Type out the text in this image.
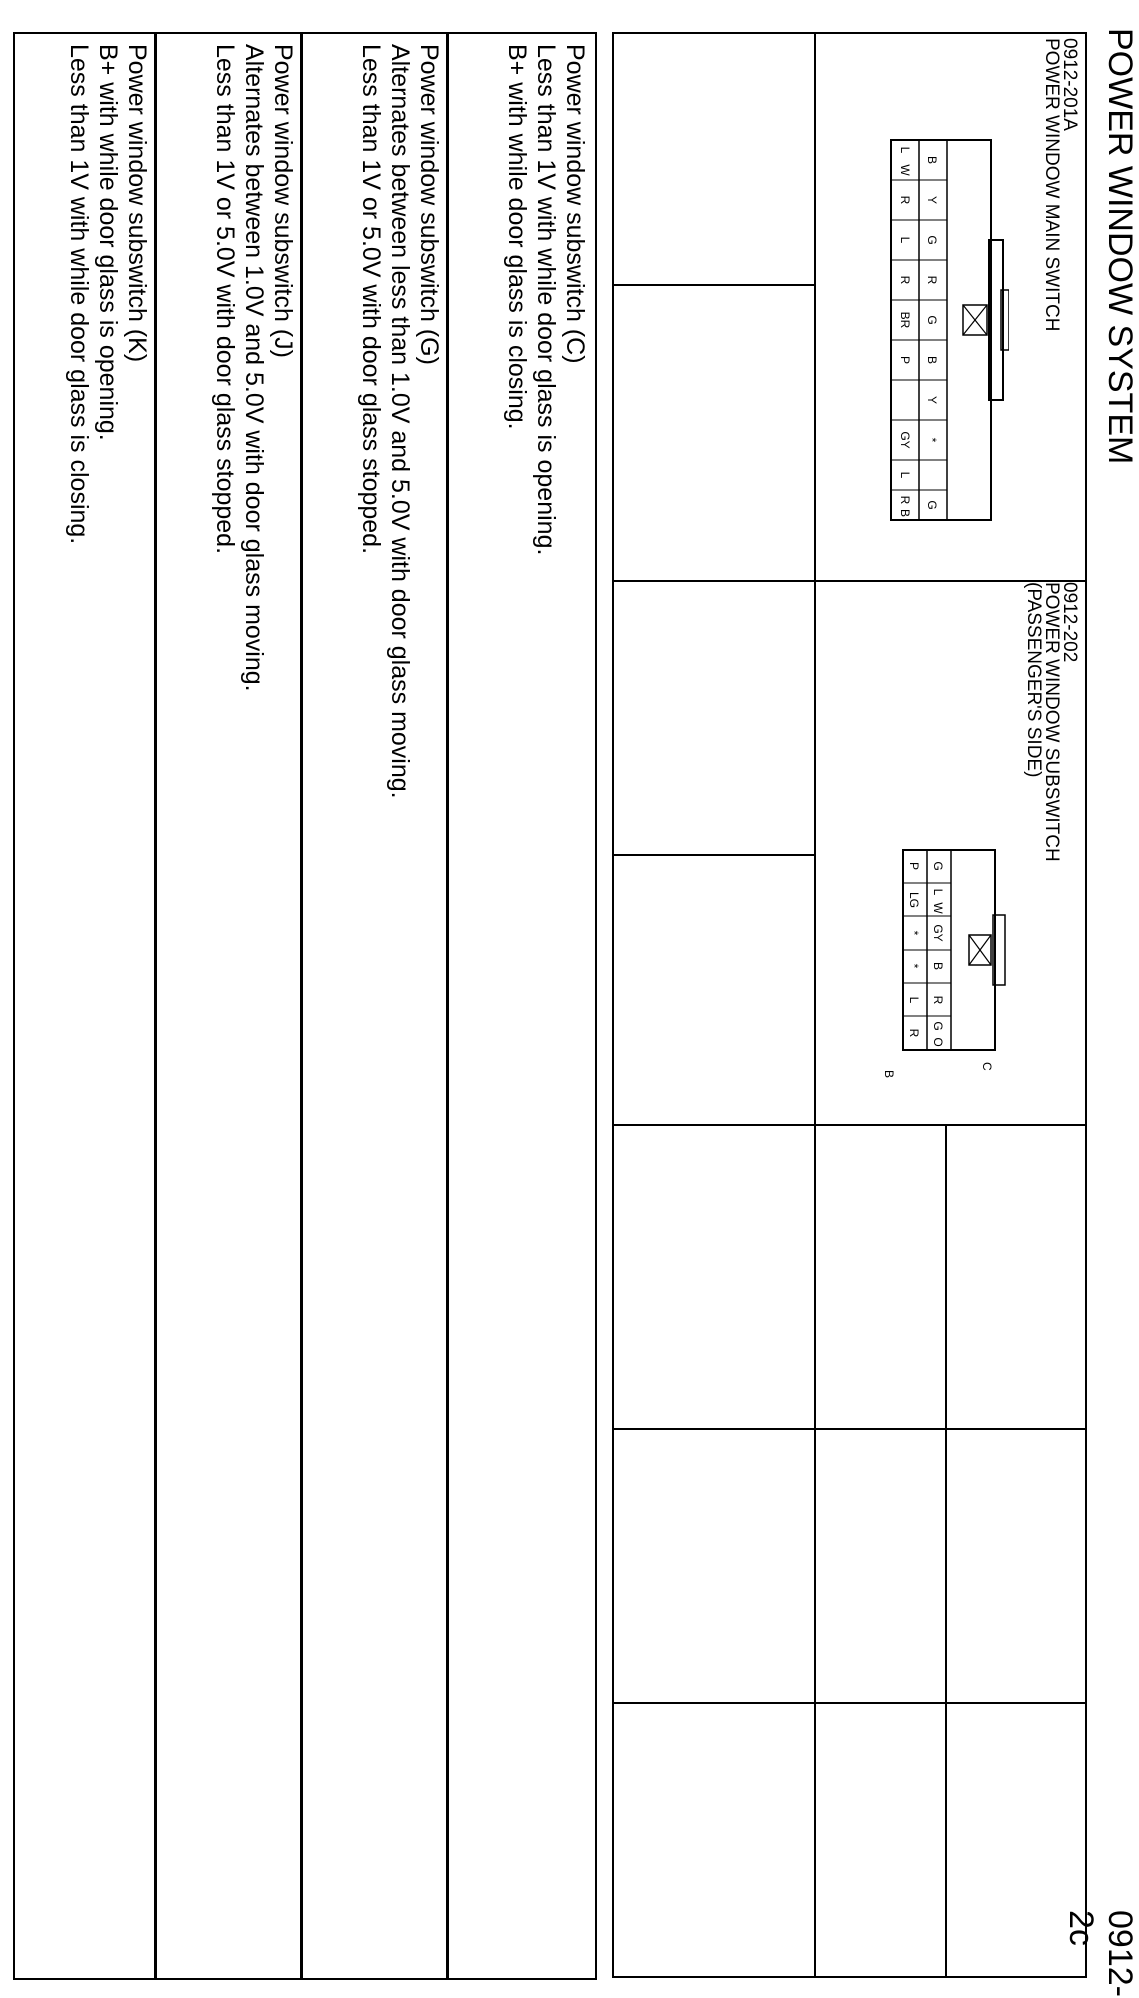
POWER WINDOW SYSTEM
0912-2c
0912-201A
POWER WINDOW MAIN SWITCH
B
Y
G
R
G
B
Y
*
G
L
W
R
L
R
BR
P
GY
L
R
B
0912-202
POWER WINDOW SUBSWITCH
(PASSENGER'S SIDE)
G
L
W
GY
B
R
G
O
P
LG
*
*
L
R
C
B
Power window subswitch (C)
Less than 1V with while door glass is opening.
B+ with while door glass is closing.
Power window subswitch (G)
Alternates between less than 1.0V and 5.0V with door glass moving.
Less than 1V or 5.0V with door glass stopped.
Power window subswitch (J)
Alternates between 1.0V and 5.0V with door glass moving.
Less than 1V or 5.0V with door glass stopped.
Power window subswitch (K)
B+ with while door glass is opening.
Less than 1V with while door glass is closing.
